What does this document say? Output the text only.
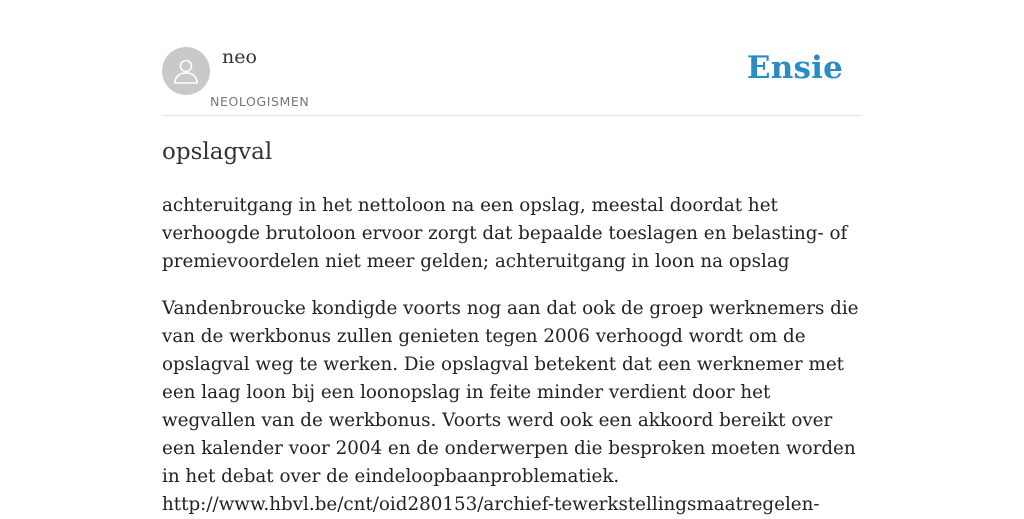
neo
NEOLOGISMEN
Ensie
opslagval

achteruitgang in het nettoloon na een opslag, meestal doordat het verhoogde brutoloon ervoor zorgt dat bepaalde toeslagen en belasting- of premievoordelen niet meer gelden; achteruitgang in loon na opslag

Vandenbroucke kondigde voorts nog aan dat ook de groep werknemers die van de werkbonus zullen genieten tegen 2006 verhoogd wordt om de opslagval weg te werken. Die opslagval betekent dat een werknemer met een laag loon bij een loonopslag in feite minder verdient door het wegvallen van de werkbonus. Voorts werd ook een akkoord bereikt over een kalender voor 2004 en de onderwerpen die besproken moeten worden in het debat over de eindeloopbaanproblematiek.
http://www.hbvl.be/cnt/oid280153/archief-tewerkstellingsmaatregelen-
